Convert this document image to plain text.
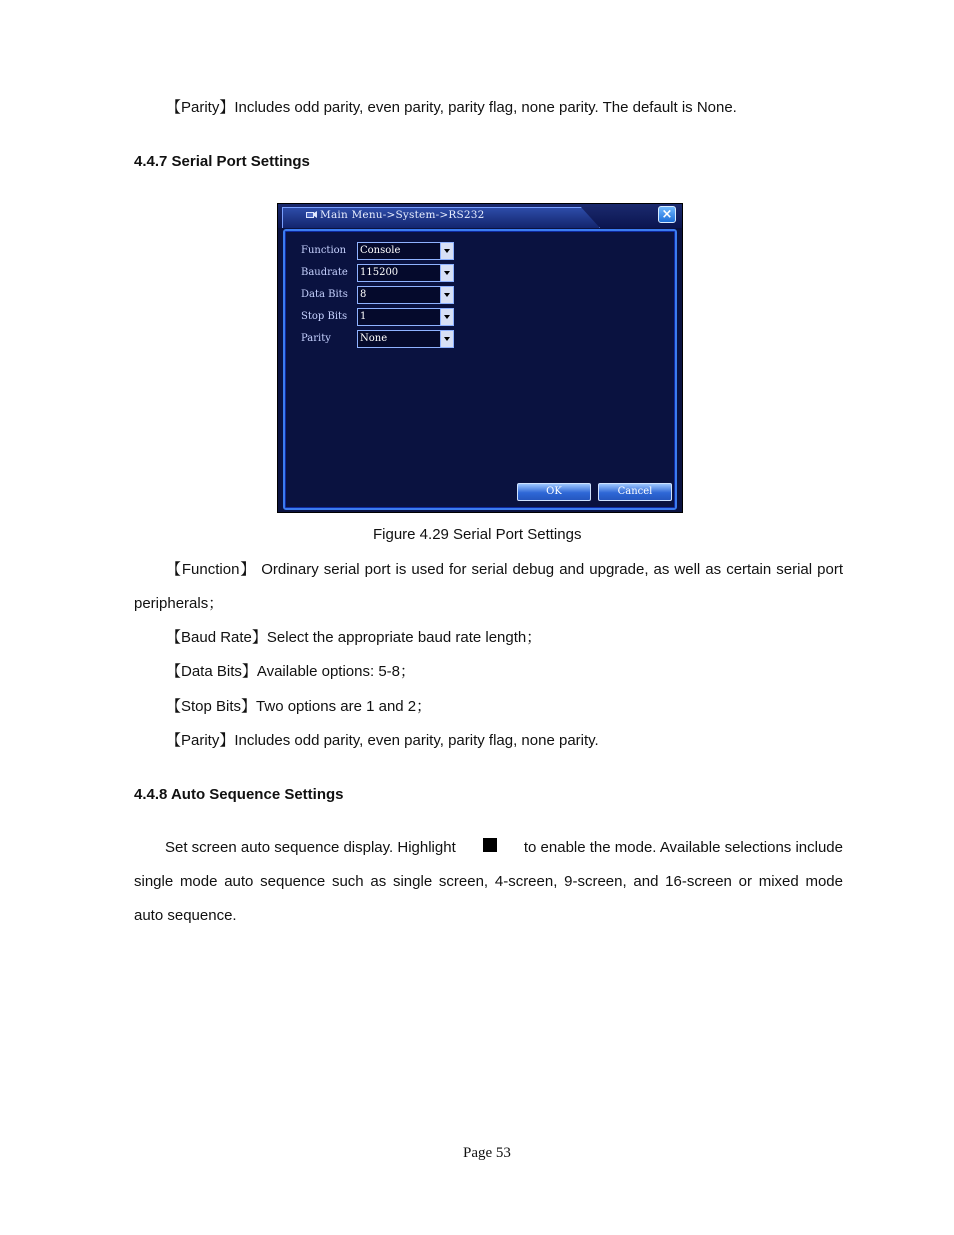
【Parity】Includes odd parity, even parity, parity flag, none parity. The default is None.
4.4.7 Serial Port Settings
Main Menu->System->RS232	×
Function Console
Baudrate 115200
Data Bits 8
Stop Bits 1
Parity	None
OK	Cancel
Figure 4.29 Serial Port Settings
【Function】 Ordinary serial port is used for serial debug and upgrade, as well as certain serial port
peripherals；
【Baud Rate】Select the appropriate baud rate length；
【Data Bits】Available options: 5-8；
【Stop Bits】Two options are 1 and 2；
【Parity】Includes odd parity, even parity, parity flag, none parity.
4.4.8 Auto Sequence Settings
Set screen auto sequence display. Highlight	to enable the mode. Available selections include
single mode auto sequence such as single screen, 4-screen, 9-screen, and 16-screen or mixed mode
auto sequence.
Page 53
